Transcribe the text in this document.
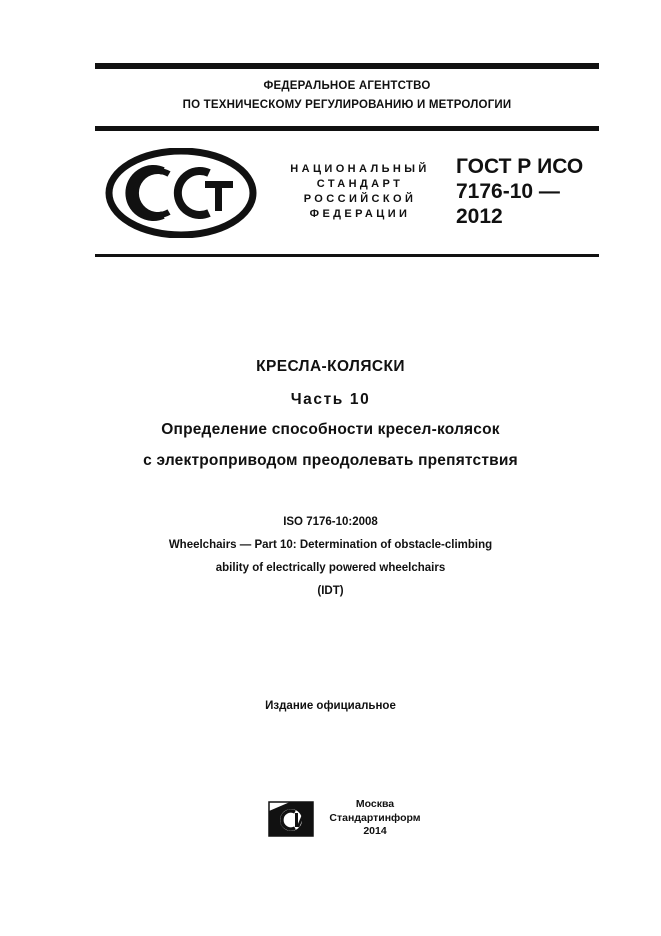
ФЕДЕРАЛЬНОЕ АГЕНТСТВО
ПО ТЕХНИЧЕСКОМУ РЕГУЛИРОВАНИЮ И МЕТРОЛОГИИ
НАЦИОНАЛЬНЫЙ
СТАНДАРТ
РОССИЙСКОЙ
ФЕДЕРАЦИИ
ГОСТ Р ИСО
7176-10 —
2012
КРЕСЛА-КОЛЯСКИ
Часть 10
Определение способности кресел-колясок
с электроприводом преодолевать препятствия
ISO 7176-10:2008
Wheelchairs — Part 10: Determination of obstacle-climbing
ability of electrically powered wheelchairs
(IDT)
Издание официальное
Москва
Стандартинформ
2014
